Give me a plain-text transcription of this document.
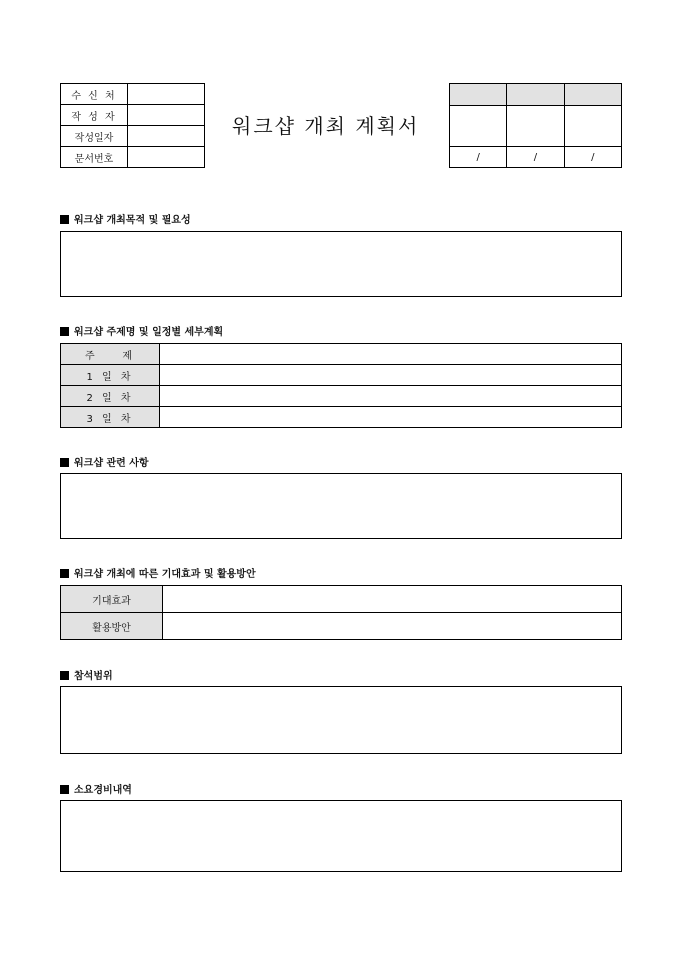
수 신 처	
작 성 자	
작성일자	
문서번호	
워크샵 개최 계획서

/	/	/
워크샵 개최목적 및 필요성
워크샵 주제명 및 일정별 세부계획
주    제	
1 일 차	
2 일 차	
3 일 차	
워크샵 관련 사항
워크샵 개최에 따른 기대효과 및 활용방안
기대효과	
활용방안	
참석범위
소요경비내역
